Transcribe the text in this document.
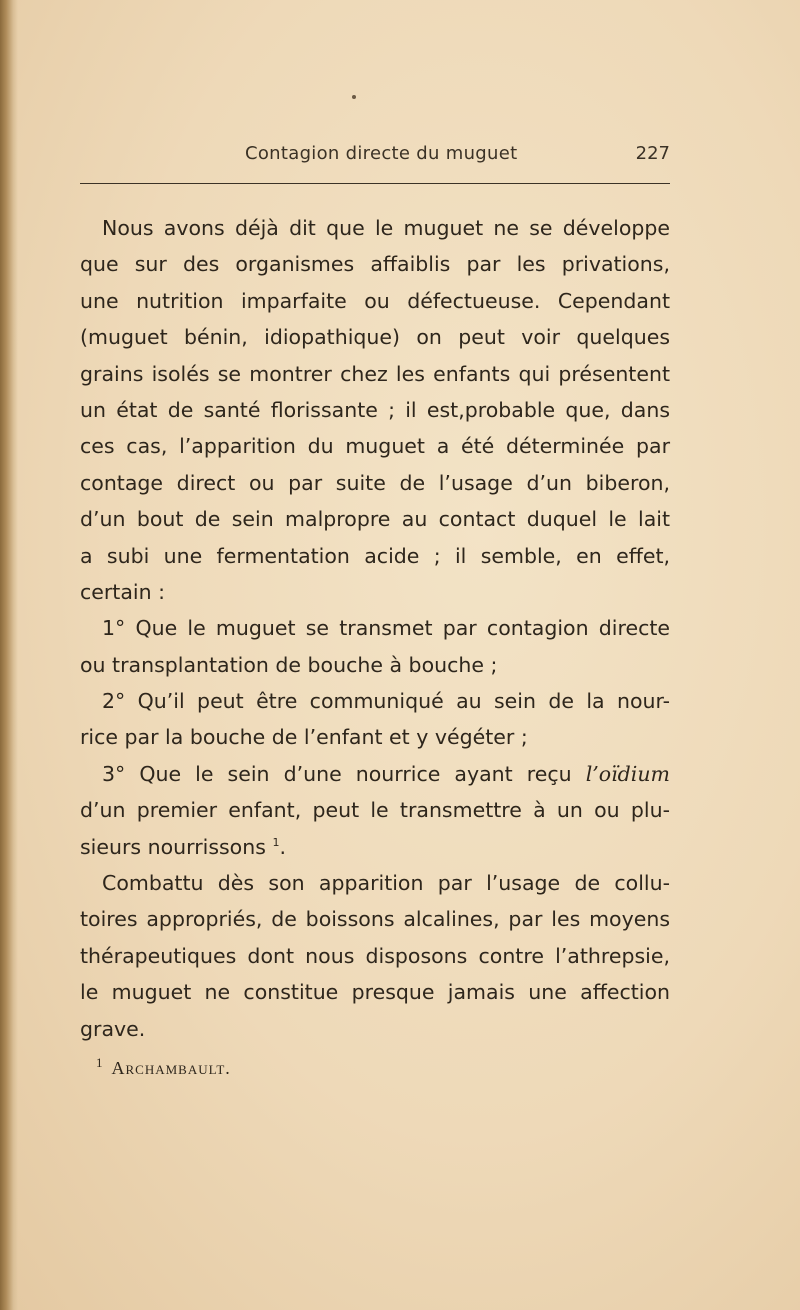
Contagion directe du muguet	227
Nous avons déjà dit que le muguet ne se développe
que sur des organismes affaiblis par les privations,
une nutrition imparfaite ou défectueuse. Cependant
(muguet bénin, idiopathique) on peut voir quelques
grains isolés se montrer chez les enfants qui présentent
un état de santé florissante ; il est,probable que, dans
ces cas, l’apparition du muguet a été déterminée par
contage direct ou par suite de l’usage d’un biberon,
d’un bout de sein malpropre au contact duquel le lait
a subi une fermentation acide ; il semble, en effet,
certain :
1° Que le muguet se transmet par contagion directe
ou transplantation de bouche à bouche ;
2° Qu’il peut être communiqué au sein de la nour-
rice par la bouche de l’enfant et y végéter ;
3° Que le sein d’une nourrice ayant reçu l’oïdium
d’un premier enfant, peut le transmettre à un ou plu-
sieurs nourrissons $^1$.
Combattu dès son apparition par l’usage de collu-
toires appropriés, de boissons alcalines, par les moyens
thérapeutiques dont nous disposons contre l’athrepsie,
le muguet ne constitue presque jamais une affection
grave.
$^1$ Archambault.
